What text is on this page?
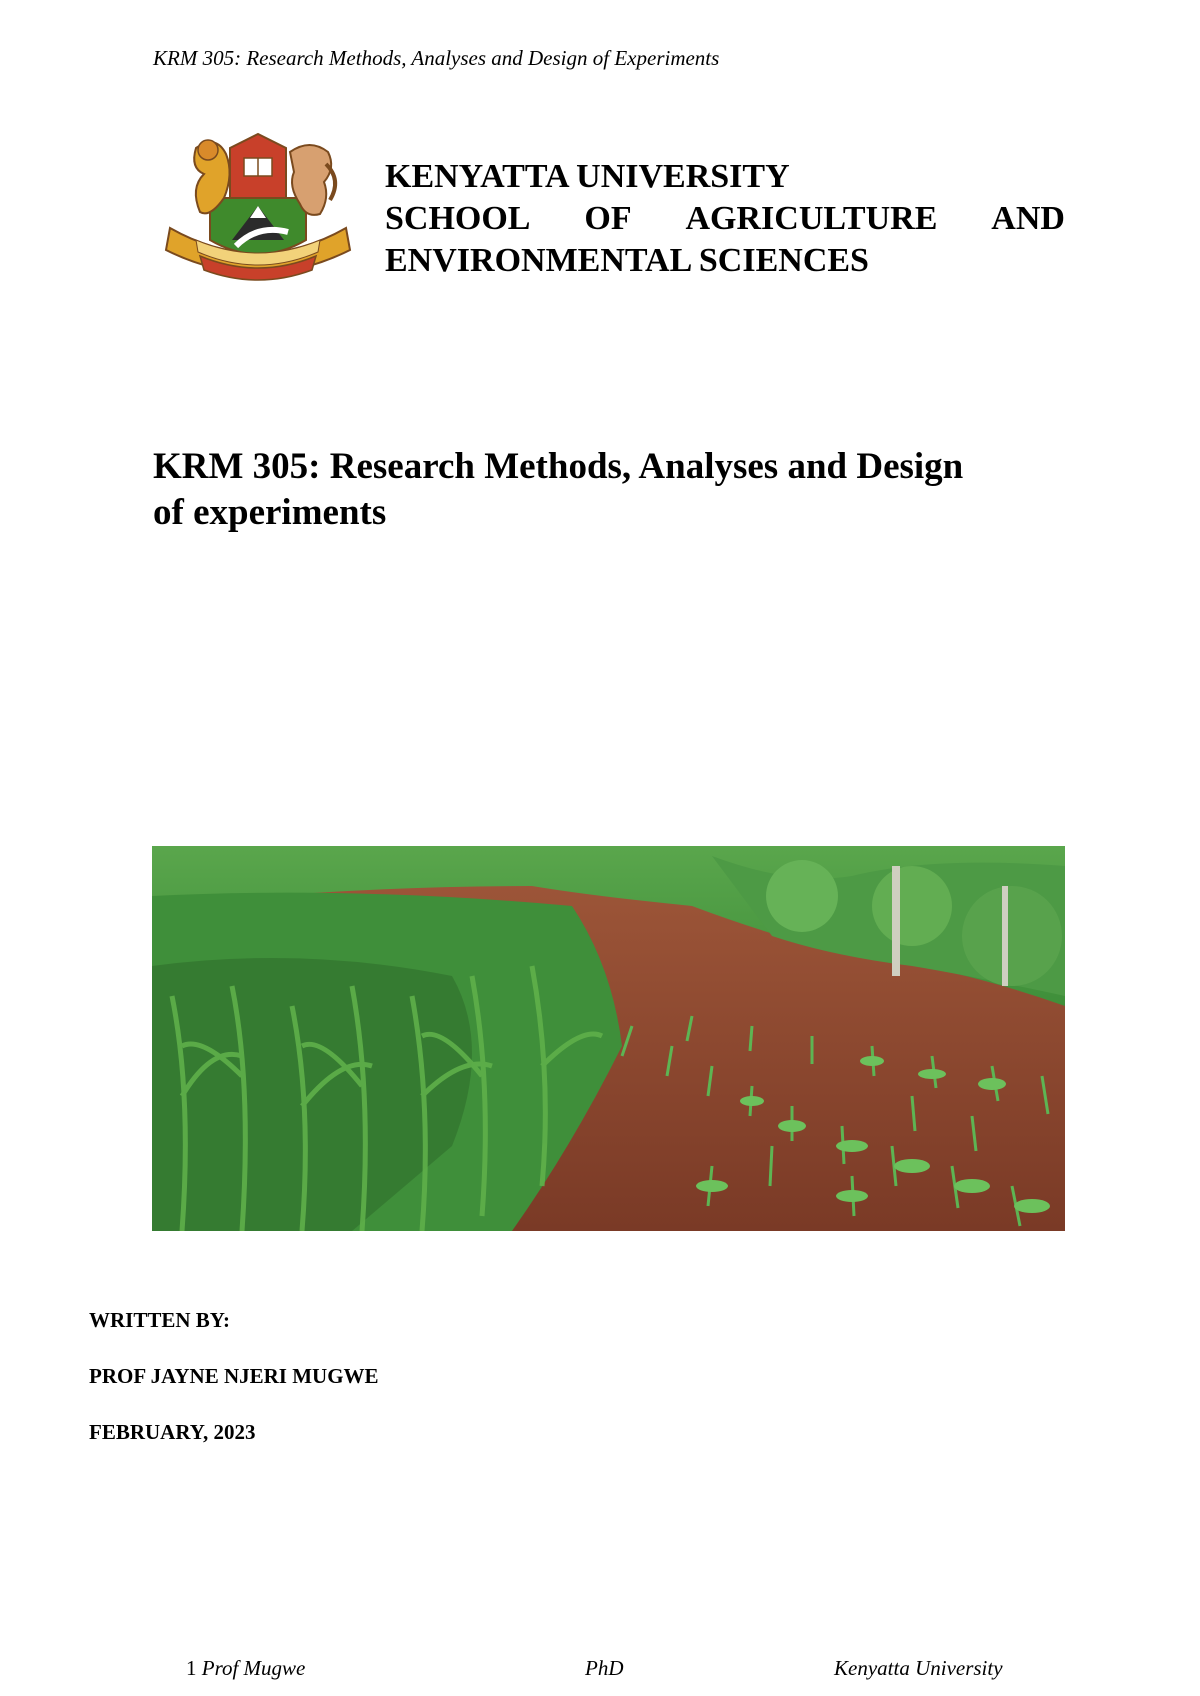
KRM 305: Research Methods, Analyses and Design of Experiments
KENYATTA UNIVERSITY
SCHOOL OF AGRICULTURE AND
ENVIRONMENTAL SCIENCES
KRM 305: Research Methods, Analyses and Design
of experiments
WRITTEN BY:
PROF JAYNE NJERI MUGWE
FEBRUARY, 2023
1 Prof Mugwe	PhD	Kenyatta University
